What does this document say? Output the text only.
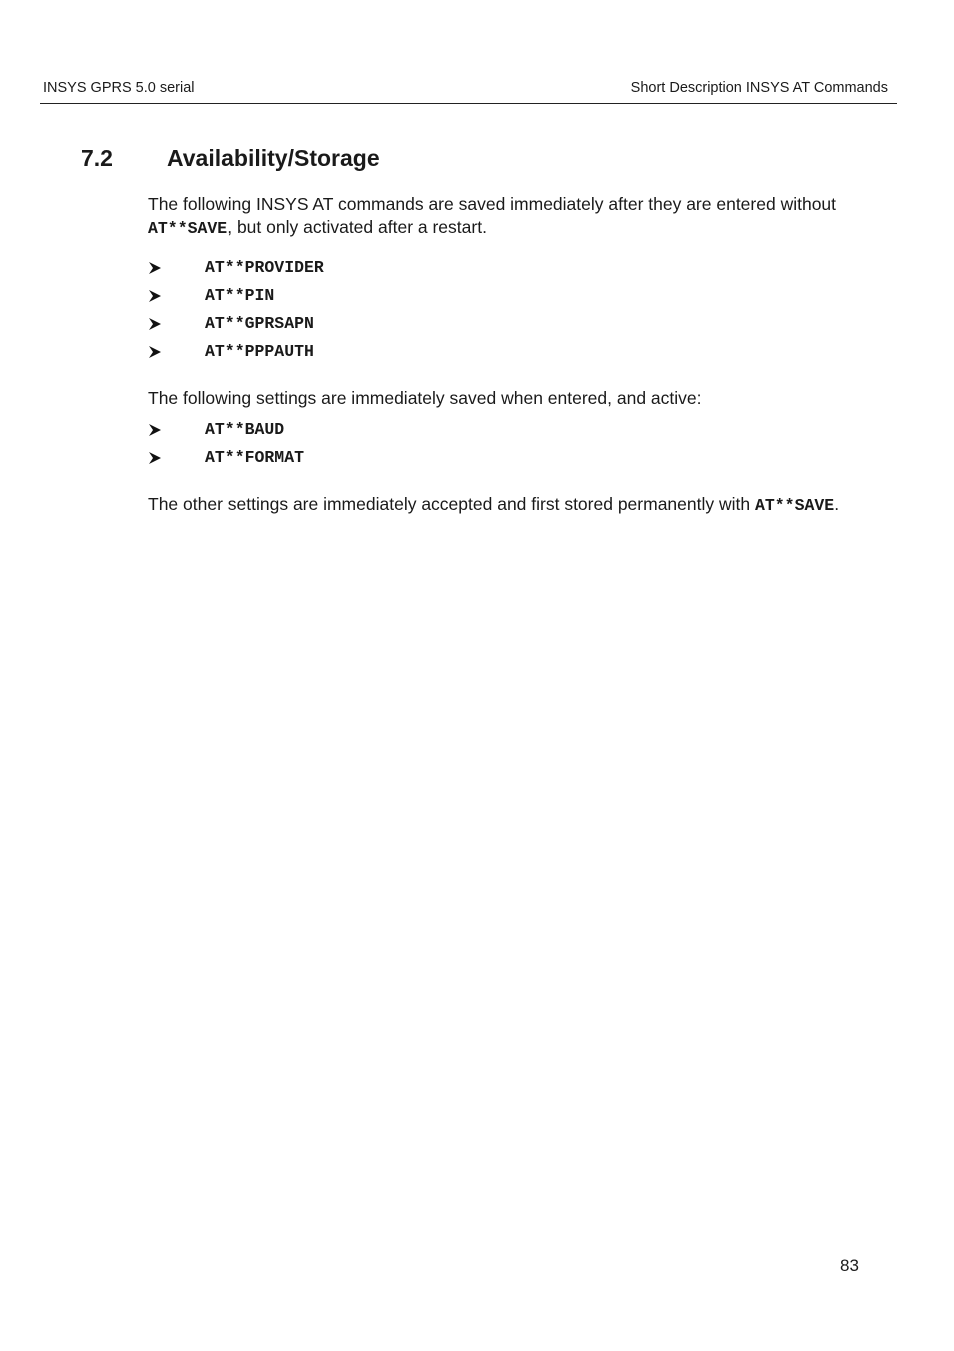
INSYS GPRS 5.0 serial	Short Description INSYS AT Commands
7.2 Availability/Storage
The following INSYS AT commands are saved immediately after they are entered without AT**SAVE, but only activated after a restart.
AT**PROVIDER
AT**PIN
AT**GPRSAPN
AT**PPPAUTH
The following settings are immediately saved when entered, and active:
AT**BAUD
AT**FORMAT
The other settings are immediately accepted and first stored permanently with AT**SAVE.
83
